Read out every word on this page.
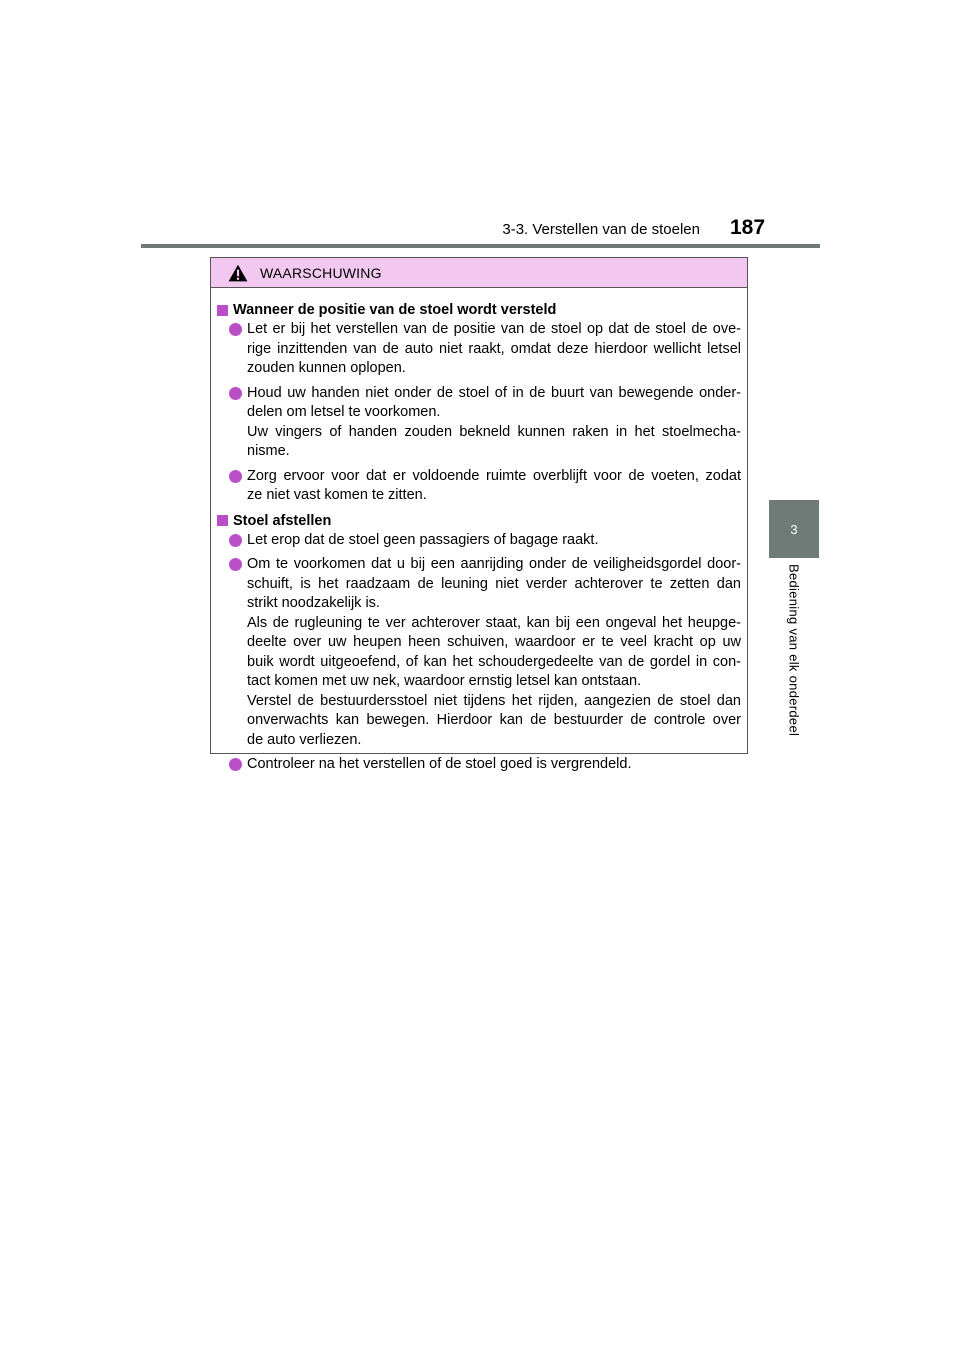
3-3. Verstellen van de stoelen 187
3
Bediening van elk onderdeel
WAARSCHUWING
Wanneer de positie van de stoel wordt versteld
Let er bij het verstellen van de positie van de stoel op dat de stoel de ove-
rige inzittenden van de auto niet raakt, omdat deze hierdoor wellicht letsel
zouden kunnen oplopen.
Houd uw handen niet onder de stoel of in de buurt van bewegende onder-
delen om letsel te voorkomen.
Uw vingers of handen zouden bekneld kunnen raken in het stoelmecha-
nisme.
Zorg ervoor voor dat er voldoende ruimte overblijft voor de voeten, zodat
ze niet vast komen te zitten.
Stoel afstellen
Let erop dat de stoel geen passagiers of bagage raakt.
Om te voorkomen dat u bij een aanrijding onder de veiligheidsgordel door-
schuift, is het raadzaam de leuning niet verder achterover te zetten dan
strikt noodzakelijk is.
Als de rugleuning te ver achterover staat, kan bij een ongeval het heupge-
deelte over uw heupen heen schuiven, waardoor er te veel kracht op uw
buik wordt uitgeoefend, of kan het schoudergedeelte van de gordel in con-
tact komen met uw nek, waardoor ernstig letsel kan ontstaan.
Verstel de bestuurdersstoel niet tijdens het rijden, aangezien de stoel dan
onverwachts kan bewegen. Hierdoor kan de bestuurder de controle over
de auto verliezen.
Controleer na het verstellen of de stoel goed is vergrendeld.
